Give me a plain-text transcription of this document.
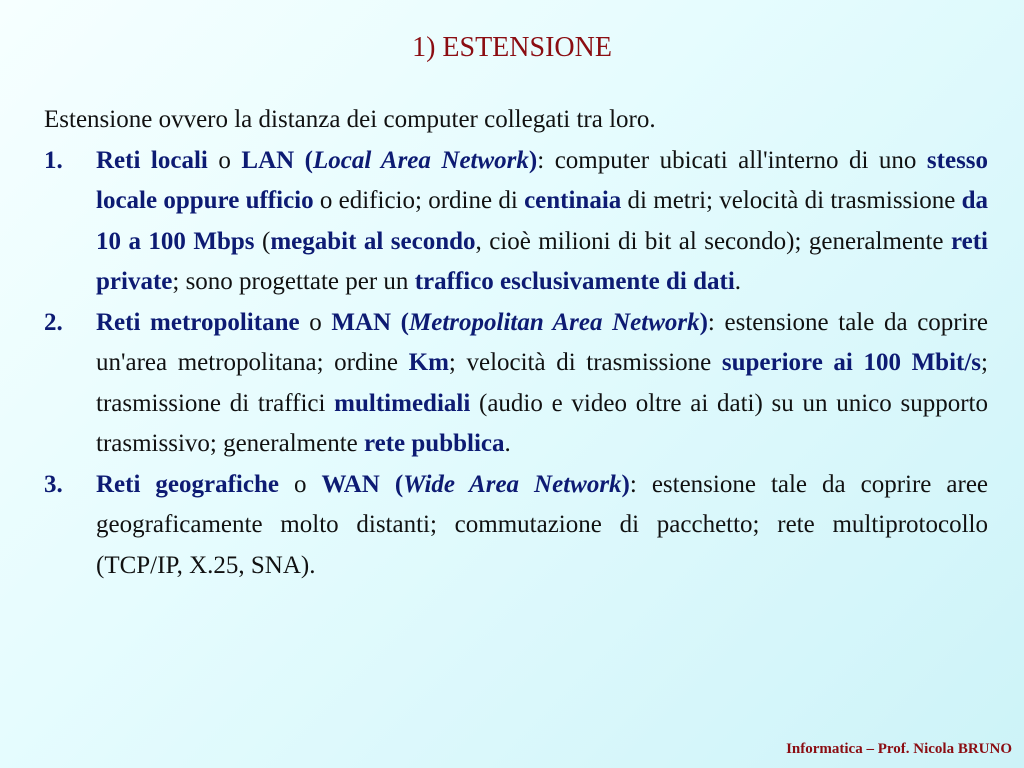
1) ESTENSIONE

Estensione ovvero la distanza dei computer collegati tra loro.

1. Reti locali o LAN (Local Area Network): computer ubicati all'interno di uno stesso locale oppure ufficio o edificio; ordine di centinaia di metri; velocità di trasmissione da 10 a 100 Mbps (megabit al secondo, cioè milioni di bit al secondo); generalmente reti private; sono progettate per un traffico esclusivamente di dati.
2. Reti metropolitane o MAN (Metropolitan Area Network): estensione tale da coprire un'area metropolitana; ordine Km; velocità di trasmissione superiore ai 100 Mbit/s; trasmissione di traffici multimediali (audio e video oltre ai dati) su un unico supporto trasmissivo; generalmente rete pubblica.
3. Reti geografiche o WAN (Wide Area Network): estensione tale da coprire aree geograficamente molto distanti; commutazione di pacchetto; rete multiprotocollo (TCP/IP, X.25, SNA).
Informatica – Prof. Nicola BRUNO
